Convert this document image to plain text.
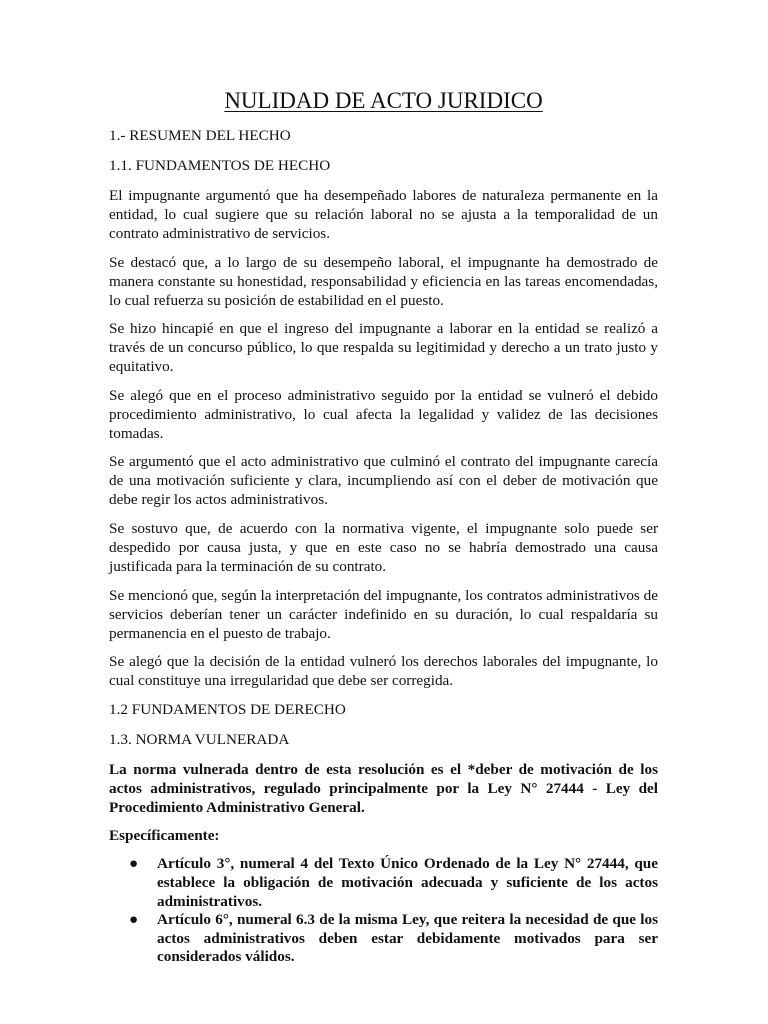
NULIDAD DE ACTO JURIDICO
1.- RESUMEN DEL HECHO
1.1. FUNDAMENTOS DE HECHO

El impugnante argumentó que ha desempeñado labores de naturaleza permanente en la entidad, lo cual sugiere que su relación laboral no se ajusta a la temporalidad de un contrato administrativo de servicios.

Se destacó que, a lo largo de su desempeño laboral, el impugnante ha demostrado de manera constante su honestidad, responsabilidad y eficiencia en las tareas encomendadas, lo cual refuerza su posición de estabilidad en el puesto.

Se hizo hincapié en que el ingreso del impugnante a laborar en la entidad se realizó a través de un concurso público, lo que respalda su legitimidad y derecho a un trato justo y equitativo.

Se alegó que en el proceso administrativo seguido por la entidad se vulneró el debido procedimiento administrativo, lo cual afecta la legalidad y validez de las decisiones tomadas.

Se argumentó que el acto administrativo que culminó el contrato del impugnante carecía de una motivación suficiente y clara, incumpliendo así con el deber de motivación que debe regir los actos administrativos.

Se sostuvo que, de acuerdo con la normativa vigente, el impugnante solo puede ser despedido por causa justa, y que en este caso no se habría demostrado una causa justificada para la terminación de su contrato.

Se mencionó que, según la interpretación del impugnante, los contratos administrativos de servicios deberían tener un carácter indefinido en su duración, lo cual respaldaría su permanencia en el puesto de trabajo.

Se alegó que la decisión de la entidad vulneró los derechos laborales del impugnante, lo cual constituye una irregularidad que debe ser corregida.

1.2 FUNDAMENTOS DE DERECHO
1.3. NORMA VULNERADA

La norma vulnerada dentro de esta resolución es el *deber de motivación de los actos administrativos, regulado principalmente por la Ley N° 27444 - Ley del Procedimiento Administrativo General.

Específicamente:
● Artículo 3°, numeral 4 del Texto Único Ordenado de la Ley N° 27444, que establece la obligación de motivación adecuada y suficiente de los actos administrativos.
● Artículo 6°, numeral 6.3 de la misma Ley, que reitera la necesidad de que los actos administrativos deben estar debidamente motivados para ser considerados válidos.
